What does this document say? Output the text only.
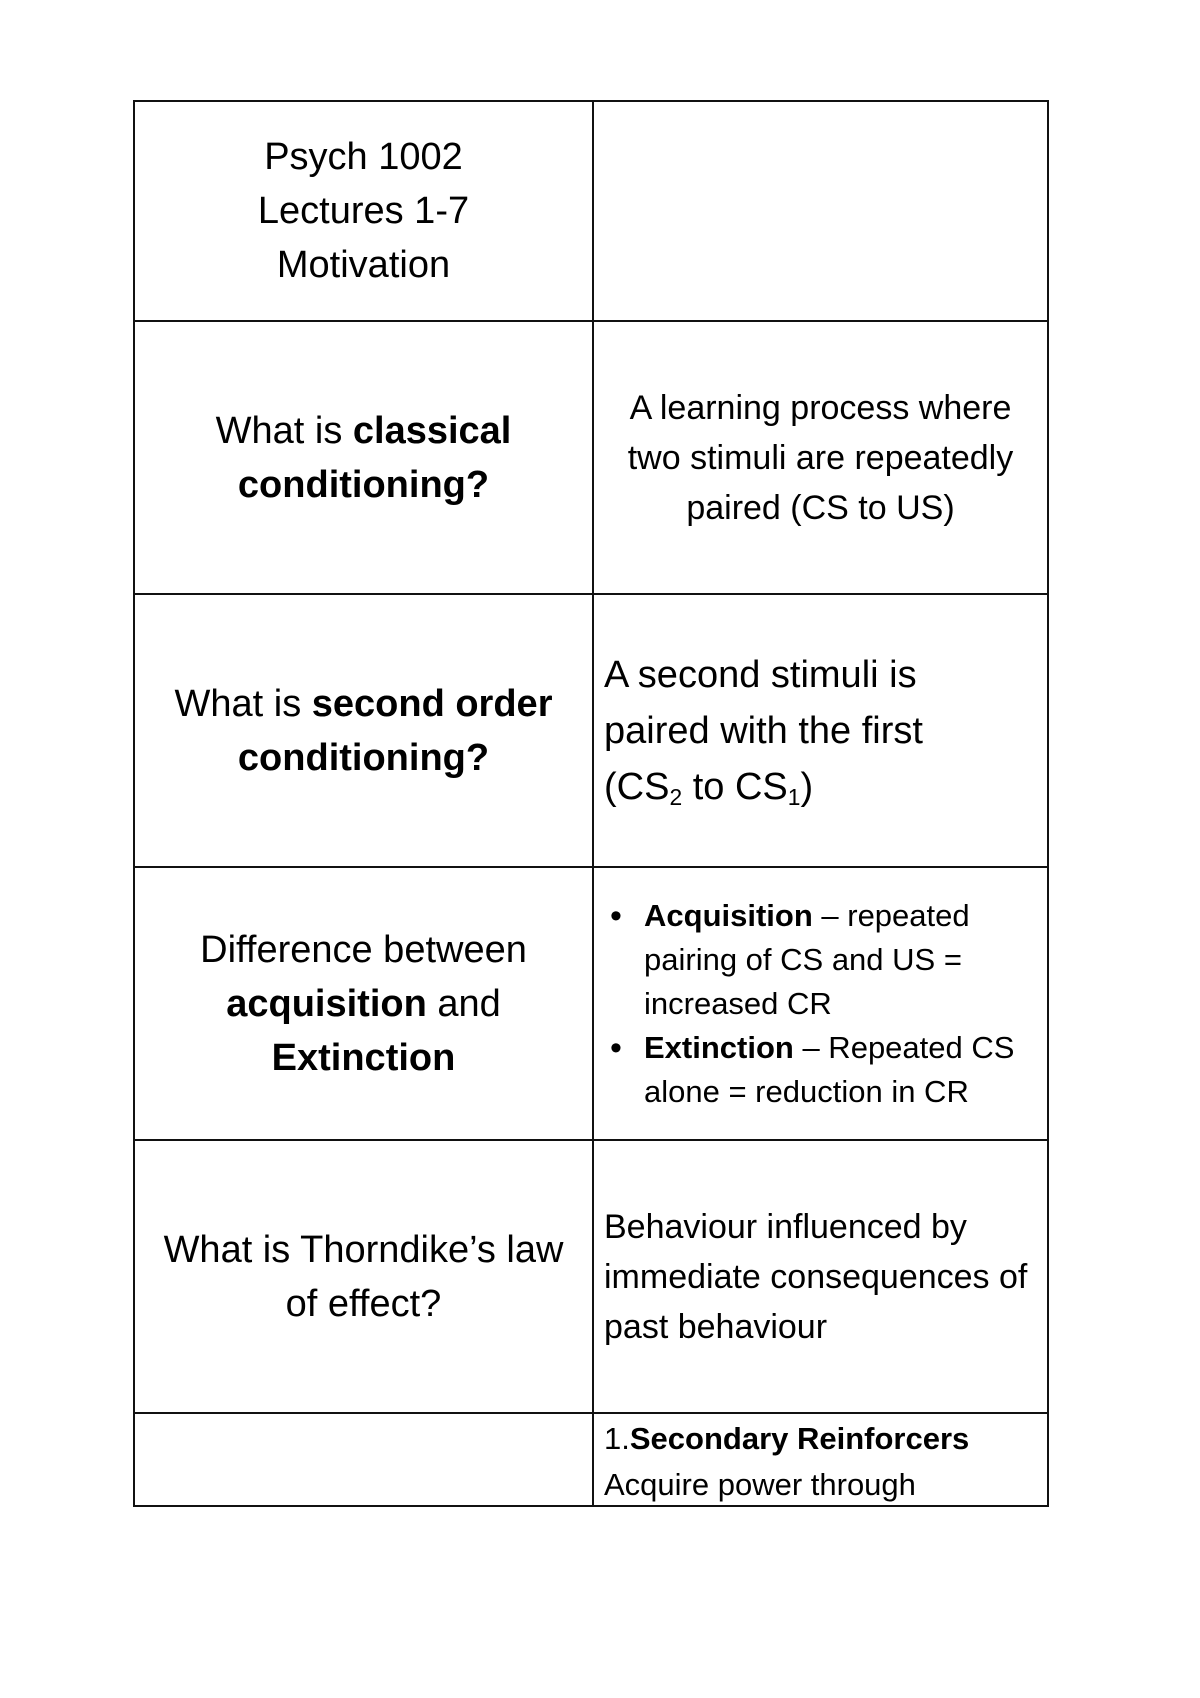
Psych 1002
Lectures 1-7
Motivation
What is classical
conditioning?
A learning process where two stimuli are repeatedly paired (CS to US)
What is second order
conditioning?
A second stimuli is
paired with the first
($CS_2$ to $CS_1$)
Difference between
acquisition and
Extinction
• Acquisition – repeated pairing of CS and US = increased CR
• Extinction – Repeated CS alone = reduction in CR
What is Thorndike’s law of effect?
Behaviour influenced by immediate consequences of past behaviour
1.Secondary Reinforcers
Acquire power through
